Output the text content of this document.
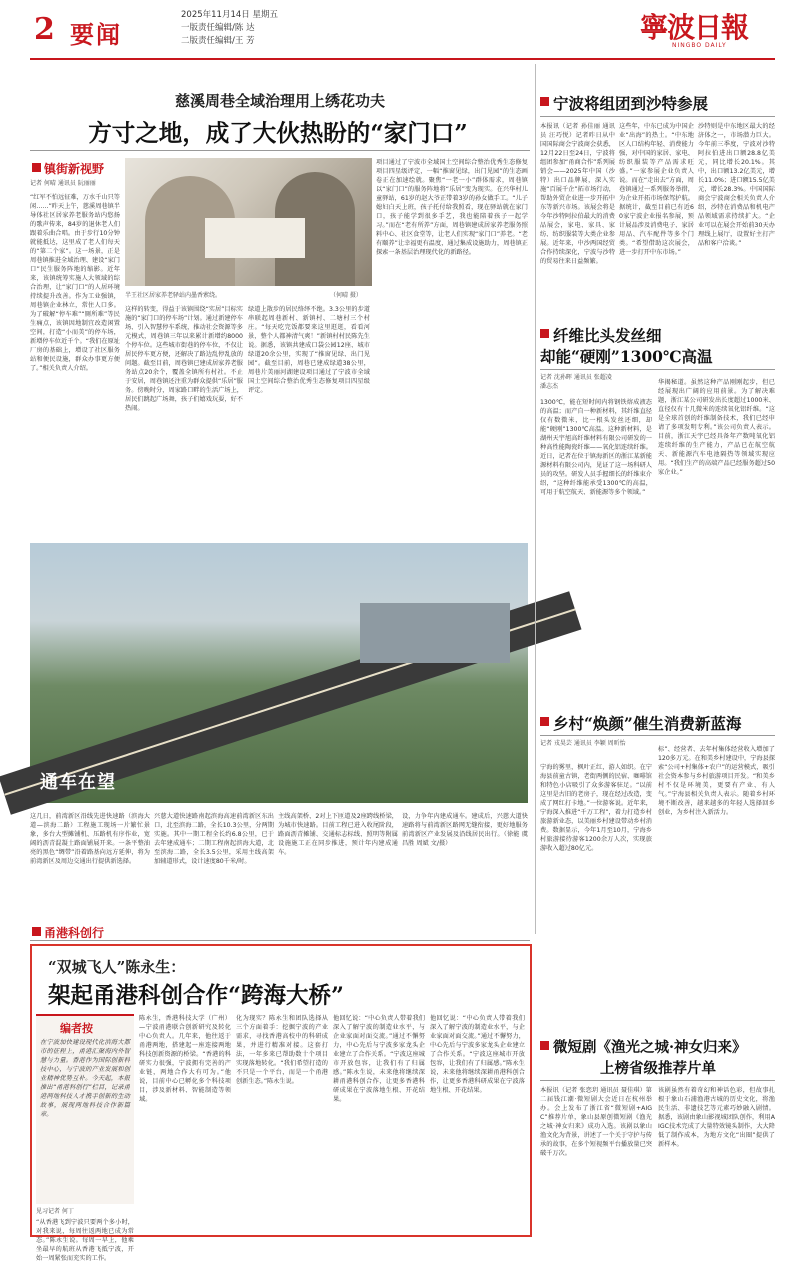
2 要闻
2025年11月14日 星期五
一版责任编辑/陈 达
二版责任编辑/王 芳	寧波日報
NINGBO DAILY
慈溪周巷全域治理用上绣花功夫
方寸之地，成了大伙热盼的“家门口”
镇街新视野
记者 何晴 通讯员 阮丽丽
“红军不怕远征难，万水千山只等闲……”昨天上午，慈溪周巷镇半导体社区居家养老服务站内悠扬的歌声传来，84岁的退休老人们跟着乐曲合唱。由于步行10分钟就能抵达，这里成了老人们每天的“第二个家”。这一场景，正是周巷镇推进全域治理、建设“家门口”民生服务阵地的缩影。近年来，该镇统筹实施人大领域的综合治理，让“家门口”的人居环境持续提升改善。作为工业强镇，周巷镇企业林立，常住人口多。为了破解“停车难”“厕所难”等民生痛点，该镇因地制宜改造闲置空间，打造“小而美”的停车场，新增停车位近千个。“我们在原址厂房的基础上，增设了社区服务站和便民设施，群众办事更方便了。”相关负责人介绍。
半王社区居家养老驿站内墨香萦绕。	（何晴 摄）
这样的转变，得益于该镇围绕“实居”目标实施的“家门口的停车场”计划。通过新建停车场、引入智慧停车系统，推动社会资源等多元模式，周巷镇三年以来累计新增约8000个停车位。这些城市街巷的停车位，不仅让居民停车更方便，还解决了路边乱停乱放的问题。截至目前，周巷镇已建成居家养老服务站点20余个，覆盖全镇所有村社。不止于安居，周巷镇还注重为群众提供“乐居”服务。傍晚时分，周家路口畔的生活广场上，居民们跳起广场舞，孩子们嬉戏玩耍，好不热闹。
绿道上散步的居民络绎不绝。3.3公里的步道串联起周巷新村、新镇村、二塘村三个村庄。“每天吃完饭都要来这里逛逛，看看河景，整个人都神清气爽！”新镇村村民陈先生说。据悉，该镇共建成口袋公园12座、城市绿道20余公里，实现了“推窗见绿、出门见园”。截至目前，周巷已建成绿道38公里，周巷片美丽河湖建设项目通过了宁波市全域国土空间综合整治优秀生态修复项目四星级评定。
项目通过了宁波市全域国土空间综合整治优秀生态修复项目四星级评定，一幅“推窗见绿，出门见园”的生态画卷正在加速绘就。聚焦“一老一小”群体需求，周巷镇以“家门口”的服务阵地将“乐居”变为现实。在兴华村儿童驿站，61岁的赵大爷正带着3岁的孙女做手工。“儿子媳妇白天上班，孩子托付给我照看，现在驿站就在家门口，孩子能学到很多手艺，我也能陪着孩子一起学习。”而在“老有所养”方面，周巷镇建成居家养老服务照料中心、社区食堂等，让老人们实现“家门口”养老。“老有颐养”让幸福更有温度，通过集成设施助力，周巷镇正探索一条基层治理现代化的新路径。
通车在望
这几日，前湾新区沿线先进快速路（滨海大道—滨海二路）工程施工现场一片繁忙景象，多台大型摊铺机、压路机有序作业，宽阔的沥青混凝土路面铺展开来。一条平整油亮的黑色“绸带”沿着路基向远方延伸，将为前湾新区及周边交通出行提供新选择。
兴慈大道快速路南起滨海高速前湾新区东出口，北至滨海二路，全长10.3公里，分两期实施。其中一期工程全长约6.8公里，已于去年建成通车；二期工程南起滨海大道，北至滨海二路，全长3.5公里，采用主线高架加辅道形式，设计速度80千米/时。
主线高架桥、2对上下匝道及2座跨线桥梁，为城市快速路。目前工程已进入收尾阶段，路面沥青摊铺、交通标志标线、照明等附属设施施工正在同步推进，预计年内建成通车。
设，力争年内建成通车。建成后，兴慈大道快速路将与前湾新区路网无缝衔接，更好地服务前湾新区产业发展及沿线居民出行。（徐能 虞昌胜 周斌 文/摄）
宁波将组团到沙特参展
本报讯（记者 孙佳丽 通讯员 汪巧悦）记者昨日从中国国际商会宁波商会获悉，12月22日至24日，宁波将组团参加“甬商合作”系列展销会——2025年中国（沙特）出口品牌展，深入实施“百展千企”拓市场行动，帮助外贸企业进一步开拓中东等新兴市场。该展会将是今年沙特阿拉伯最大的消费品展会，家电、家具、家纺、纺织服装等大类企业参展。近年来，中沙两国经贸合作持续深化，宁波与沙特的贸易往来日益频繁。
这些年，中东已成为中国企业“出海”的热土。“中东地区人口结构年轻、消费能力强，对中国的家居、家电、纺织服装等产品需求旺盛。”一家参展企业负责人说。而在“走出去”方面，周巷镇通过一系列服务举措，为企业开拓市场保驾护航。据统计，截至目前已有近60家宁波企业报名参展，预计展品涉及消费电子、家居用品、汽车配件等多个门类。“希望借助这次展会，进一步打开中东市场。”
沙特则是中东地区最大的经济体之一，市场潜力巨大。今年前三季度，宁波对沙特阿拉伯进出口额28.8亿美元，同比增长20.1%。其中，出口额13.2亿美元，增长11.0%；进口额15.5亿美元，增长28.3%。中国国际商会宁波商会相关负责人介绍，沙特在消费品和机电产品领域需求持续扩大。“企业可以在展会开始前30天办理线上展厅，设置好主打产品和客户洽谈。”
纤维比头发丝细
却能“硬刚”1300℃高温
记者 沈孙晖 通讯员 张超凌 潘志杰
1300℃，能在短时间内将钢铁熔成液态的高温；而产自一种新材料，其纤维直径仅有数微米，比一根头发丝还细，却能“硬刚”1300℃高温。这种新材料，是湖州天宇旭高纤维材料有限公司研发的一种高性能陶瓷纤维——氧化铝连续纤维。近日，记者在位于镇海新区的浙江某新能源材料有限公司内，见证了这一场科研人员的攻坚。研发人员手握细长的纤维束介绍，“这种纤维能承受1300℃的高温，可用于航空航天、新能源等多个领域。”
华揭秘道。虽然这种产品刚刚起步，但已经展现出广阔的应用前景。为了解决难题，浙江某公司研发出长度超过1000米、直径仅有十几微米的连续氧化铝纤维。“这是全球首创的纤维制备技术，我们已经申请了多项发明专利。”该公司负责人表示。目前，浙江天宇已经具备年产数吨氧化铝连续纤维的生产能力，产品已在航空航天、新能源汽车电池隔热等领域实现应用。“我们生产的高端产品已经服务超过50家企业。”
乡村“焕颜”催生消费新蓝海
记者 戎昊芸 通讯员 李颖 周昕怡
宁海的雾里，枫叶正红，游人如织。在宁海县前童古镇，老街两侧的民宿、咖啡馆和特色小店吸引了众多游客驻足。“以前这里是古旧的老房子，现在经过改造，变成了网红打卡地。”一位游客说。近年来，宁海深入推进“千万工程”，着力打造乡村旅游新业态，以美丽乡村建设带动乡村消费。数据显示，今年1月至10月，宁海乡村旅游接待游客1200余万人次，实现旅游收入超过80亿元。
标”、经营者、去年村集体经营收入增加了120多万元。在和美乡村建设中，宁海县探索“公司+村集体+农户”的运营模式，吸引社会资本参与乡村旅游项目开发。“和美乡村不仅是环境美，更要有产业、有人气。”宁海县相关负责人表示。随着乡村环境不断改善，越来越多的年轻人选择回乡创业，为乡村注入新活力。
微短剧《渔光之城·神女归来》
上榜省级推荐片单
本报讯（记者 张恋玥 通讯员 聂佳琪）第二届钱江潮·微短剧大会近日在杭州举办。会上发布了浙江省“微短剧+AIGC”推荐片单，象山县原创微短剧《渔光之城·神女归来》成功入选。该剧以象山渔文化为背景，讲述了一个关于守护与传承的故事，在多个短视频平台播放量已突破千万次。
该剧虽然有着奇幻和神话色彩，但故事扎根于象山石浦渔港古城的历史文化，将渔民生活、非遗技艺等元素巧妙融入剧情。据悉，该剧由象山影视城团队创作，利用AIGC技术完成了大量特效镜头制作，大大降低了制作成本，为地方文化“出圈”提供了新样本。
甬港科创行
“双城飞人”陈永生：
架起甬港科创合作“跨海大桥”
编者按
在宁波加快建设现代化滨海大都市的征程上，甬港汇聚海内外智慧与力量。香港作为国际创新科技中心，与宁波的产业发展和创业精神优势互补。今天起，本报推出“甬港科创行”栏目，记录甬港两地科技人才携手创新的生动故事，展现两地科技合作新篇章。
见习记者 何丁
“从香港飞到宁波只要两个多小时，对我来说，每周往返两地已成为常态。”陈永生说。每周一早上，他乘坐最早的航班从香港飞抵宁波，开始一周紧张而充实的工作。
陈永生，香港科技大学（广州）—宁波甬港联合创新研究及转化中心负责人。几年来，他往返于甬港两地，搭建起一座连接两地科技创新资源的桥梁。“香港的科研实力很强，宁波拥有完善的产业链，两地合作大有可为。”他说，目前中心已孵化多个科技项目，涉及新材料、智能制造等领域。
化为现实？陈永生和团队选择从三个方面着手：挖掘宁波的产业需求，寻找香港高校中的科研成果，并进行精准对接。这套打法，一年多来已帮助数十个项目实现落地转化。“我们希望打造的不只是一个平台，而是一个甬港创新生态。”陈永生说。
他回忆说：“中心负责人带着我们深入了解宁波的制造业水平，与企业家面对面交流。”通过不懈努力，中心先后与宁波多家龙头企业建立了合作关系。“宁波这座城市开放包容，让我们有了归属感。”陈永生说，未来他将继续深耕甬港科创合作，让更多香港科研成果在宁波落地生根、开花结果。
他回忆说：“中心负责人带着我们深入了解宁波的制造业水平，与企业家面对面交流。”通过不懈努力，中心先后与宁波多家龙头企业建立了合作关系。“宁波这座城市开放包容，让我们有了归属感。”陈永生说，未来他将继续深耕甬港科创合作，让更多香港科研成果在宁波落地生根、开花结果。
